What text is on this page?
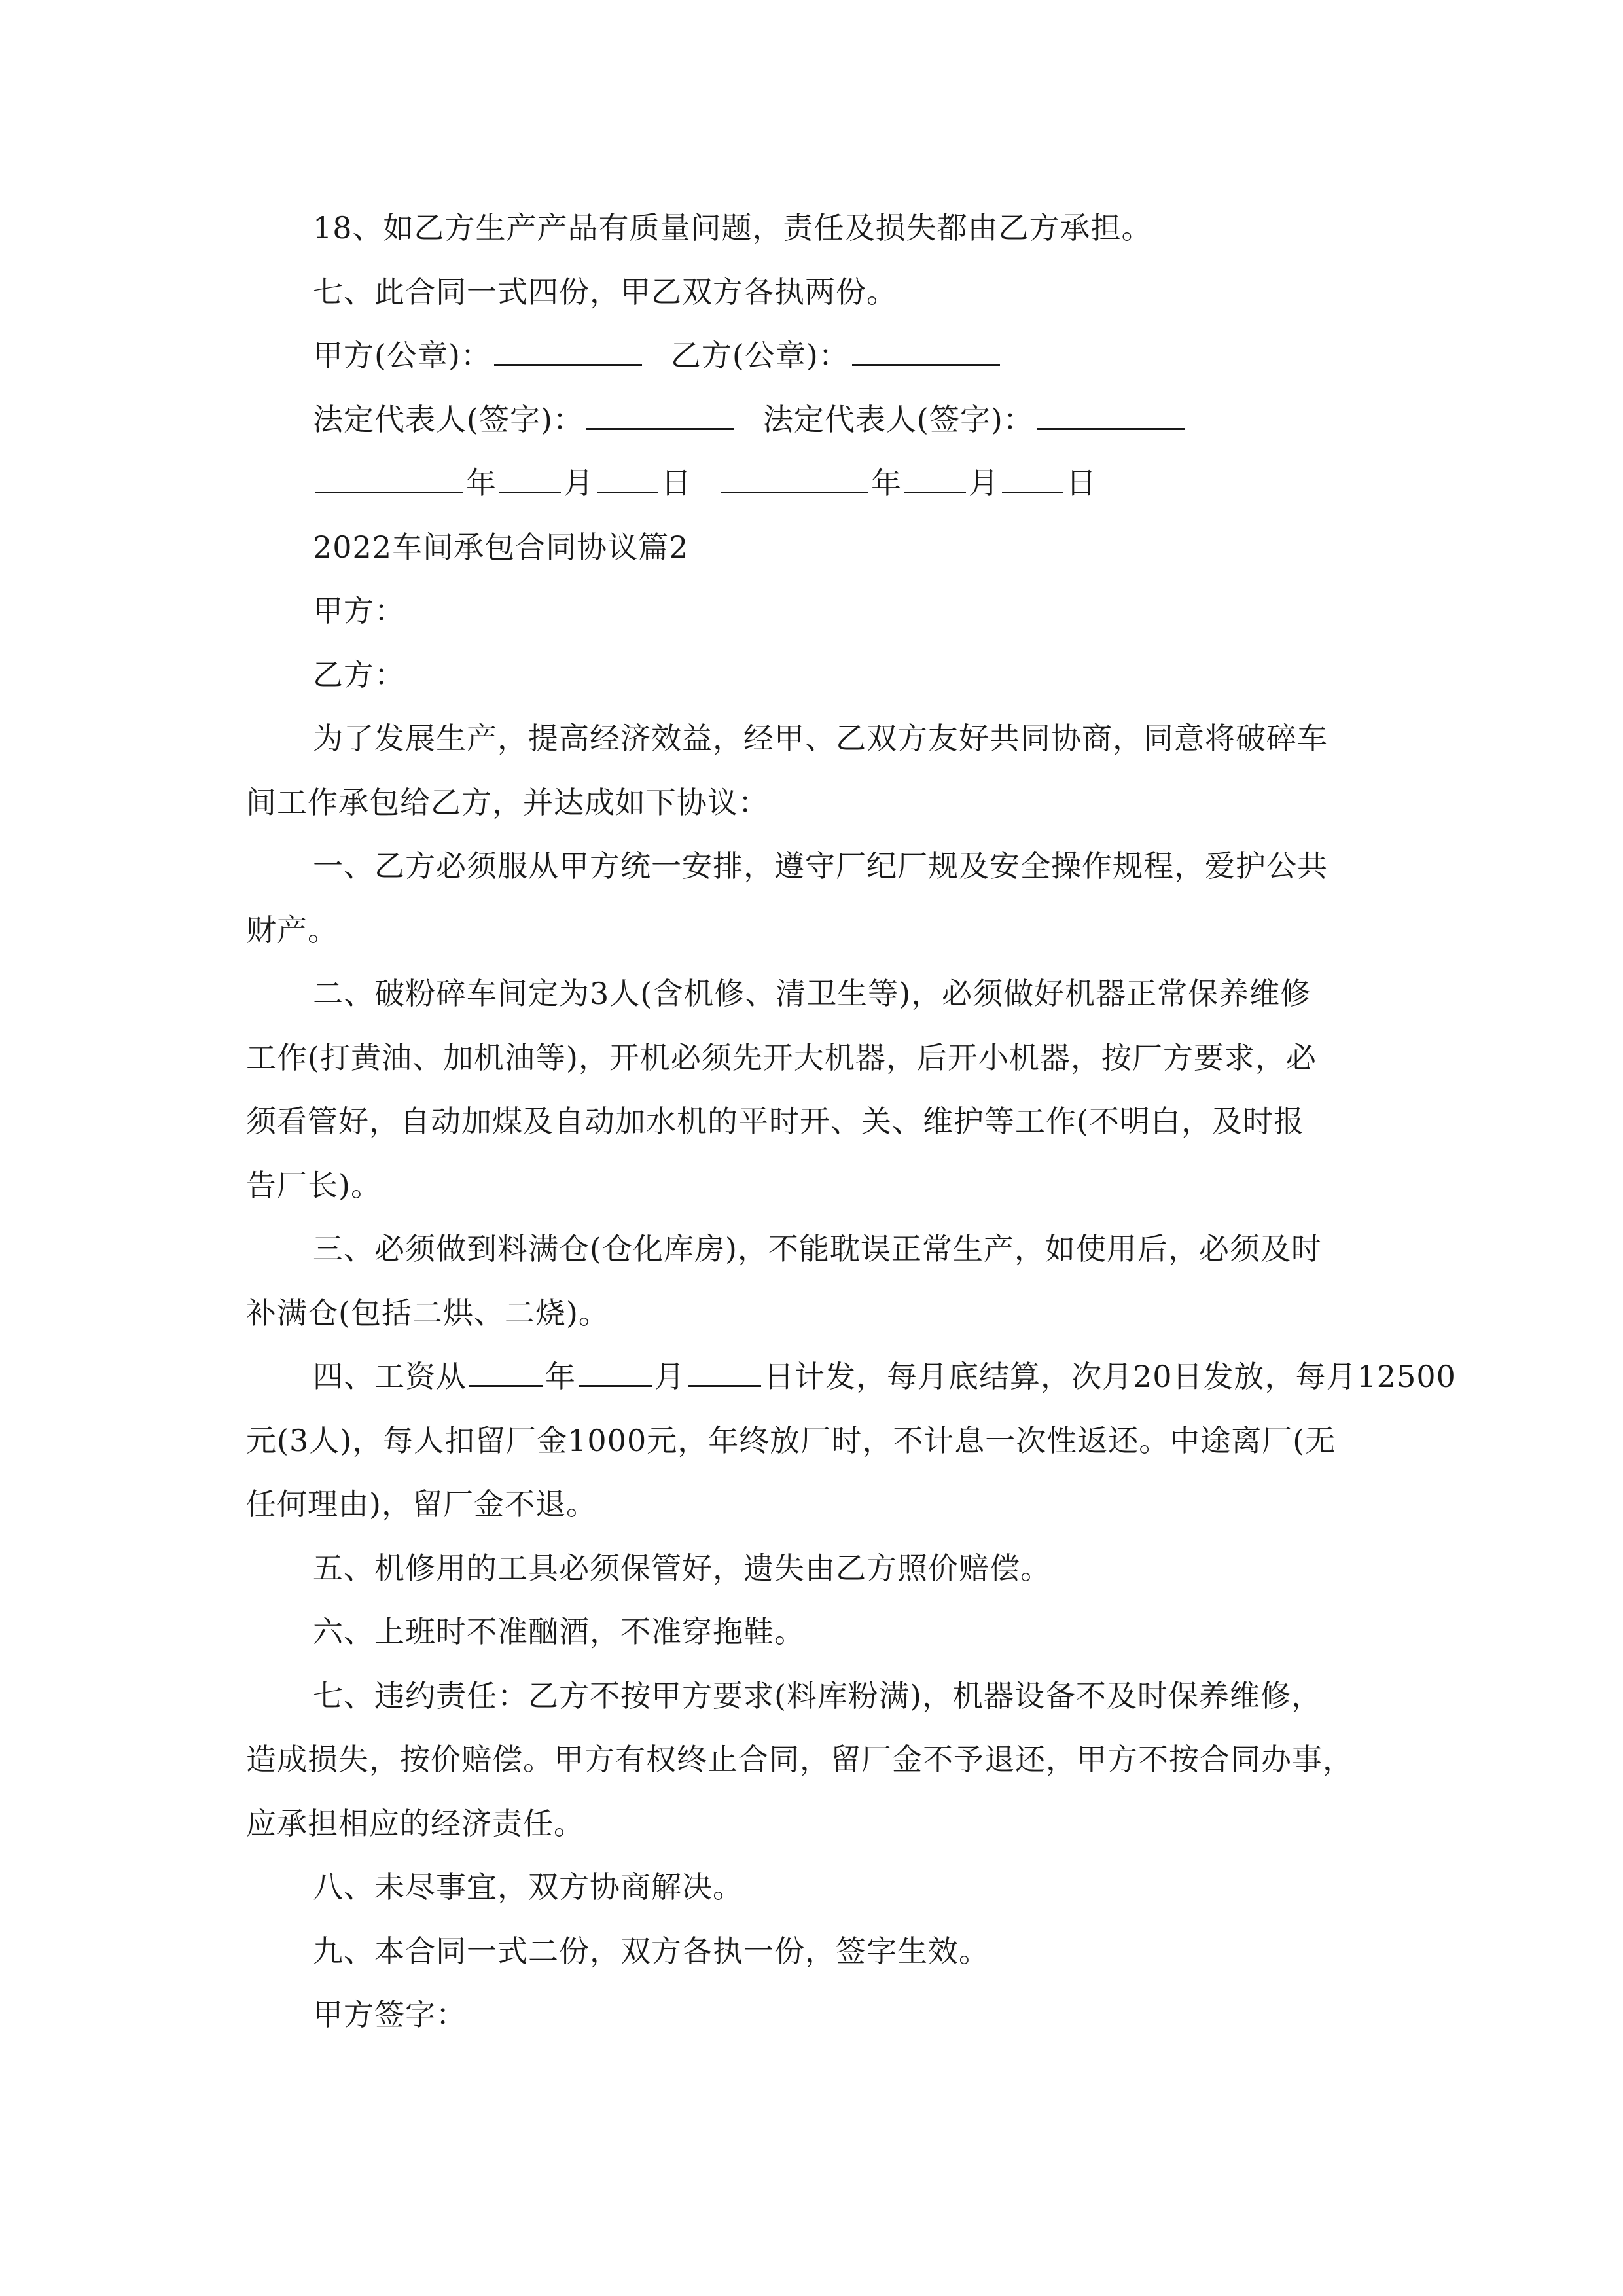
18、如乙方生产产品有质量问题，责任及损失都由乙方承担。
七、此合同一式四份，甲乙双方各执两份。
甲方(公章)：	乙方(公章)：
法定代表人(签字)：	法定代表人(签字)：
年 月 日	年 月 日
2022车间承包合同协议篇2
甲方：
乙方：
为了发展生产，提高经济效益，经甲、乙双方友好共同协商，同意将破碎车
间工作承包给乙方，并达成如下协议：
一、乙方必须服从甲方统一安排，遵守厂纪厂规及安全操作规程，爱护公共
财产。
二、破粉碎车间定为3人(含机修、清卫生等)，必须做好机器正常保养维修
工作(打黄油、加机油等)，开机必须先开大机器，后开小机器，按厂方要求，必
须看管好，自动加煤及自动加水机的平时开、关、维护等工作(不明白，及时报
告厂长)。
三、必须做到料满仓(仓化库房)，不能耽误正常生产，如使用后，必须及时
补满仓(包括二烘、二烧)。
四、工资从	年	月	日计发，每月底结算，次月20日发放，每月12500
元(3人)，每人扣留厂金1000元，年终放厂时，不计息一次性返还。中途离厂(无
任何理由)，留厂金不退。
五、机修用的工具必须保管好，遗失由乙方照价赔偿。
六、上班时不准酗酒，不准穿拖鞋。
七、违约责任：乙方不按甲方要求(料库粉满)，机器设备不及时保养维修，
造成损失，按价赔偿。甲方有权终止合同，留厂金不予退还，甲方不按合同办事，
应承担相应的经济责任。
八、未尽事宜，双方协商解决。
九、本合同一式二份，双方各执一份，签字生效。
甲方签字：
